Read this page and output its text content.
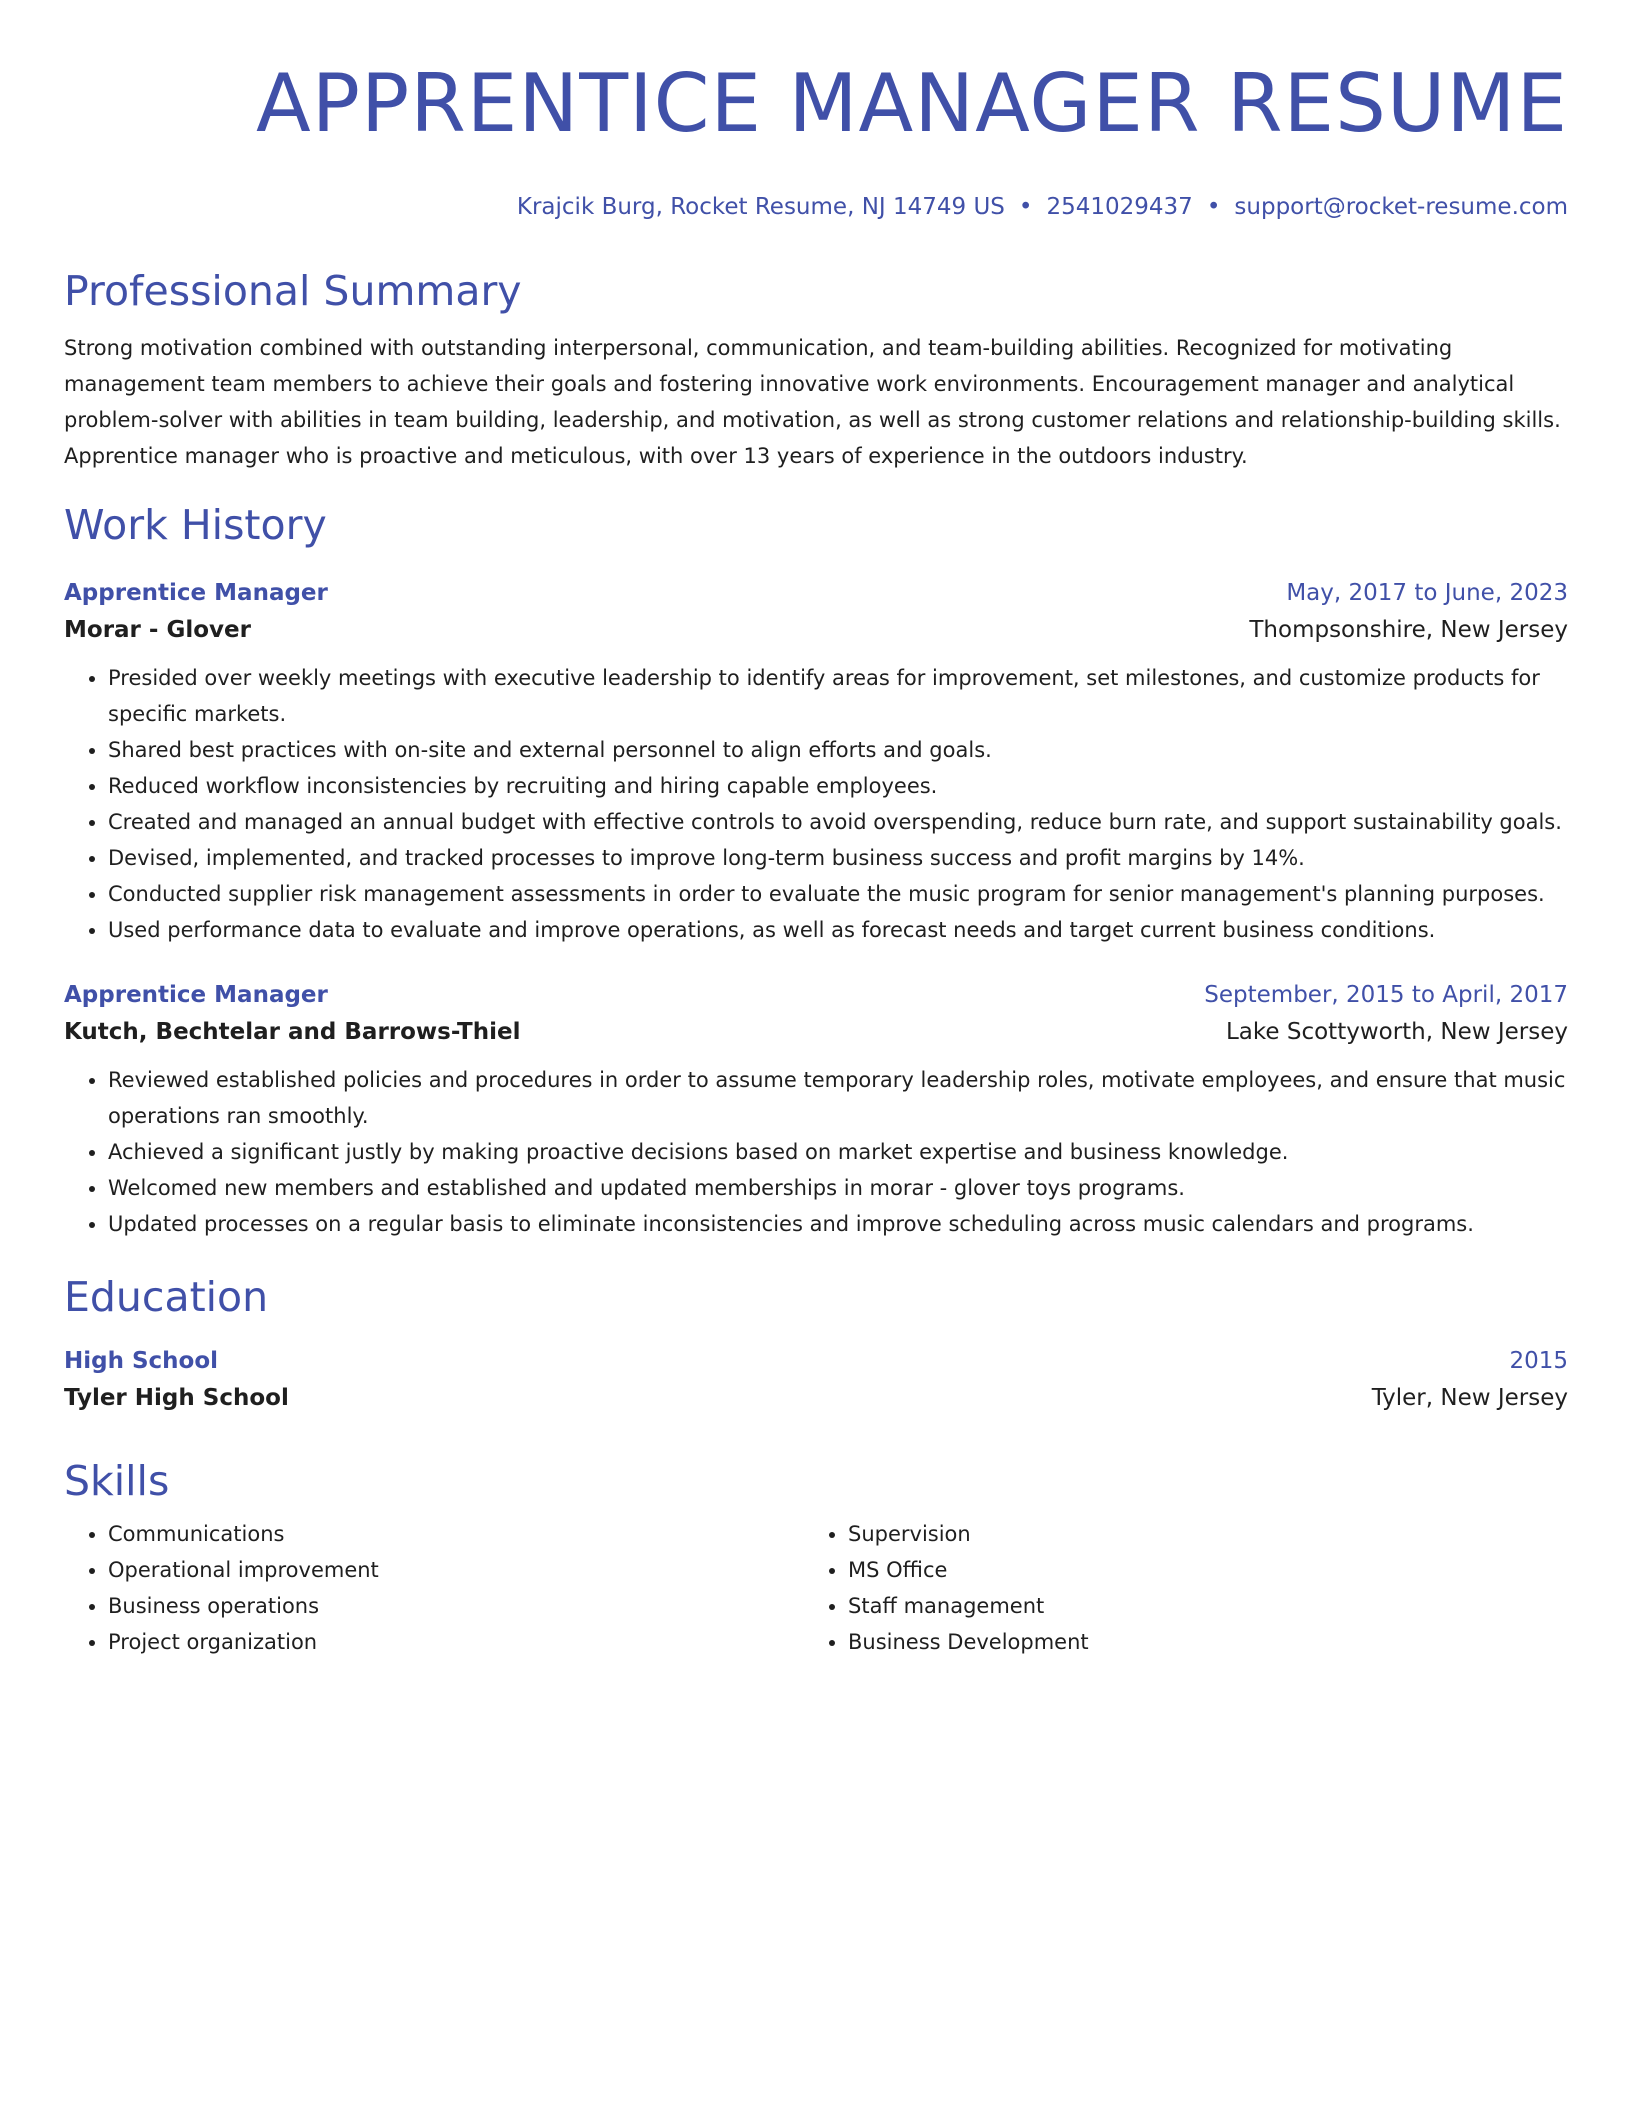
APPRENTICE MANAGER RESUME
Krajcik Burg, Rocket Resume, NJ 14749 US • 2541029437 • support@rocket-resume.com
Professional Summary
Strong motivation combined with outstanding interpersonal, communication, and team-building abilities. Recognized for motivating management team members to achieve their goals and fostering innovative work environments. Encouragement manager and analytical problem-solver with abilities in team building, leadership, and motivation, as well as strong customer relations and relationship-building skills. Apprentice manager who is proactive and meticulous, with over 13 years of experience in the outdoors industry.
Work History
Apprentice Manager	May, 2017 to June, 2023
Morar - Glover	Thompsonshire, New Jersey
• Presided over weekly meetings with executive leadership to identify areas for improvement, set milestones, and customize products for specific markets.
• Shared best practices with on-site and external personnel to align efforts and goals.
• Reduced workflow inconsistencies by recruiting and hiring capable employees.
• Created and managed an annual budget with effective controls to avoid overspending, reduce burn rate, and support sustainability goals.
• Devised, implemented, and tracked processes to improve long-term business success and profit margins by 14%.
• Conducted supplier risk management assessments in order to evaluate the music program for senior management's planning purposes.
• Used performance data to evaluate and improve operations, as well as forecast needs and target current business conditions.
Apprentice Manager	September, 2015 to April, 2017
Kutch, Bechtelar and Barrows-Thiel	Lake Scottyworth, New Jersey
• Reviewed established policies and procedures in order to assume temporary leadership roles, motivate employees, and ensure that music operations ran smoothly.
• Achieved a significant justly by making proactive decisions based on market expertise and business knowledge.
• Welcomed new members and established and updated memberships in morar - glover toys programs.
• Updated processes on a regular basis to eliminate inconsistencies and improve scheduling across music calendars and programs.
Education
High School	2015
Tyler High School	Tyler, New Jersey
Skills
• Communications
• Operational improvement
• Business operations
• Project organization
• Supervision
• MS Office
• Staff management
• Business Development
